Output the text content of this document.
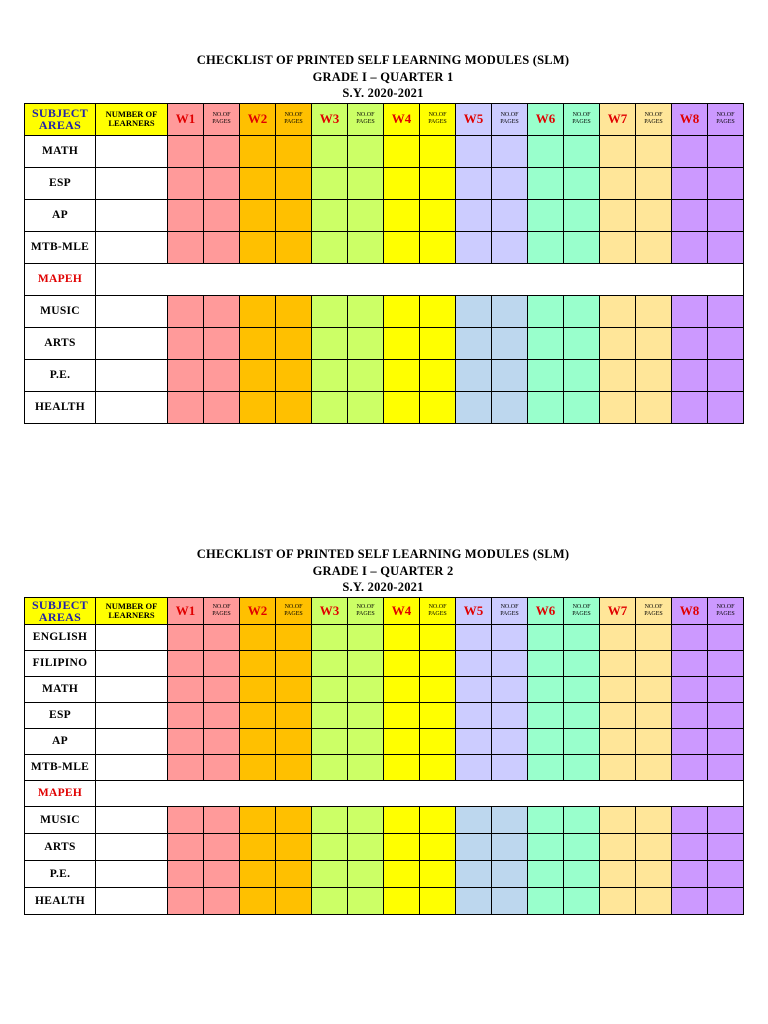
CHECKLIST OF PRINTED SELF LEARNING MODULES (SLM)
GRADE I – QUARTER 1
S.Y. 2020-2021
SUBJECT AREAS	NUMBER OF LEARNERS	W1	NO.OF PAGES	W2	NO.OF PAGES	W3	NO.OF PAGES	W4	NO.OF PAGES	W5	NO.OF PAGES	W6	NO.OF PAGES	W7	NO.OF PAGES	W8	NO.OF PAGES
MATH																	
ESP																	
AP																	
MTB-MLE																	
MAPEH																	
MUSIC																	
ARTS																	
P.E.																	
HEALTH																	
CHECKLIST OF PRINTED SELF LEARNING MODULES (SLM)
GRADE I – QUARTER 2
S.Y. 2020-2021
SUBJECT AREAS	NUMBER OF LEARNERS	W1	NO.OF PAGES	W2	NO.OF PAGES	W3	NO.OF PAGES	W4	NO.OF PAGES	W5	NO.OF PAGES	W6	NO.OF PAGES	W7	NO.OF PAGES	W8	NO.OF PAGES
ENGLISH																	
FILIPINO																	
MATH																	
ESP																	
AP																	
MTB-MLE																	
MAPEH																	
MUSIC																	
ARTS																	
P.E.																	
HEALTH																	
